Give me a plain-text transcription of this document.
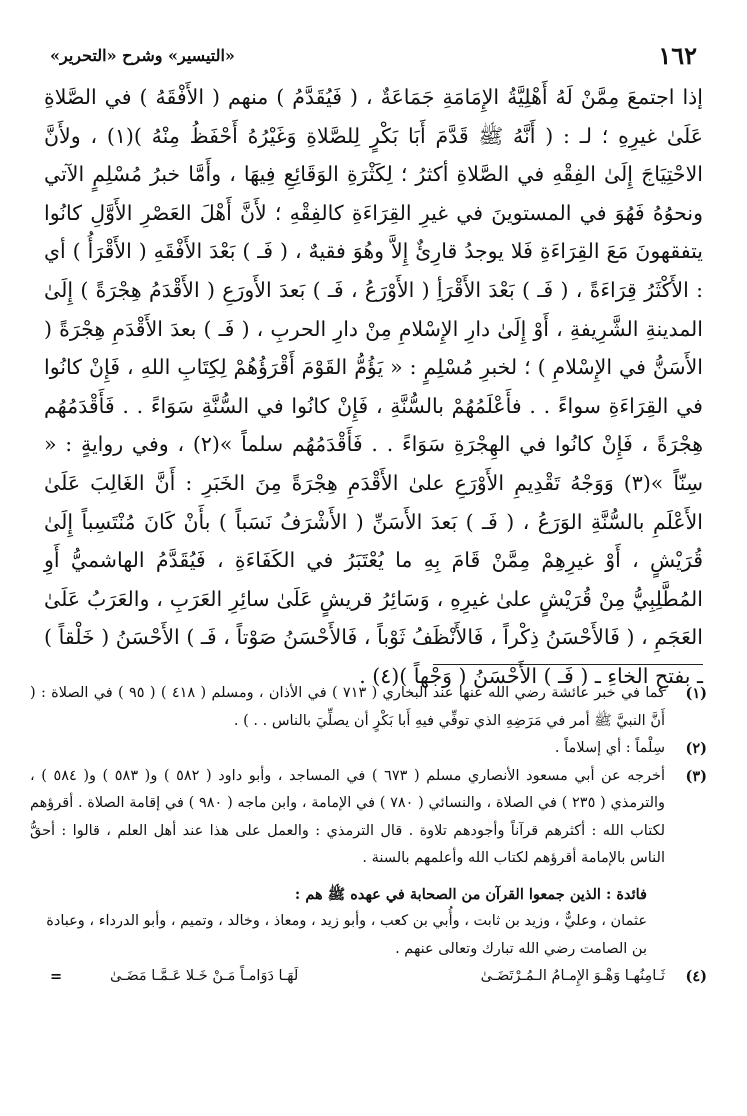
١٦٢
«التيسير» وشرح «التحرير»

إذا اجتمعَ مِمَّنْ لَهُ أَهْلِيَّةُ الإِمَامَةِ جَمَاعَةٌ ، ( فَيُقَدَّمُ ) منهم ( الأَفْقَهُ ) في الصَّلاةِ عَلَىٰ غيرِهِ ؛ لـ : ( أَنَّهُ ﷺ قَدَّمَ أَبَا بَكْرٍ لِلصَّلاةِ وَغَيْرُهُ أَحْفَظُ مِنْهُ )(١) ، ولأَنَّ الاحْتِيَاجَ إِلَىٰ الفِقْهِ في الصَّلاةِ أكثرُ ؛ لِكَثْرَةِ الوَقَائِعِ فِيهَا ، وأَمَّا خبرُ مُسْلِمٍ الآتي ونحوُهُ فَهُوَ في المستوينَ في غيرِ القِرَاءَةِ كالفِقْهِ ؛ لأَنَّ أَهْلَ العَصْرِ الأَوَّلِ كانُوا يتفقهونَ مَعَ القِرَاءَةِ فَلا يوجدُ قارِئٌ إِلاَّ وهُوَ فقيهٌ ، ( فَـ ) بَعْدَ الأَفْقَهِ ( الأَقْرَأُ ) أي : الأَكْثَرُ قِرَاءَةً ، ( فَـ ) بَعْدَ الأَقْرَأِ ( الأَوْرَعُ ، فَـ ) بَعدَ الأَورَعِ ( الأَقْدَمُ هِجْرَةً ) إِلَىٰ المدينةِ الشَّرِيفةِ ، أَوْ إِلَىٰ دارِ الإِسْلامِ مِنْ دارِ الحربِ ، ( فَـ ) بعدَ الأَقْدَمِ هِجْرَةً ( الأَسَنُّ في الإِسْلامِ ) ؛ لخبرِ مُسْلِمٍ : « يَؤُمُّ القَوْمَ أَقْرَؤُهُمْ لِكِتَابِ اللهِ ، فَإِنْ كانُوا في القِرَاءَةِ سواءً . . فأَعْلَمُهُمْ بالسُّنَّةِ ، فَإِنْ كانُوا في السُّنَّةِ سَوَاءً . . فَأَقْدَمُهُم هِجْرَةً ، فَإِنْ كانُوا في الهِجْرَةِ سَوَاءً . . فَأَقْدَمُهُم سلماً »(٢) ، وفي روايةٍ : « سِنّاً »(٣) وَوَجْهُ تَقْدِيمِ الأَوْرَعِ علىٰ الأَقْدَمِ هِجْرَةً مِنَ الخَبَرِ : أَنَّ الغَالِبَ عَلَىٰ الأَعْلَمِ بالسُّنَّةِ الوَرَعُ ، ( فَـ ) بَعدَ الأَسَنِّ ( الأَشْرَفُ نَسَباً ) بأَنْ كَانَ مُنْتَسِباً إِلَىٰ قُرَيْشٍ ، أَوْ غيرِهِمْ مِمَّنْ قَامَ بِهِ ما يُعْتَبَرُ في الكَفَاءَةِ ، فَيُقَدَّمُ الهاشميُّ أَوِ المُطَّلِبِيُّ مِنْ قُرَيْشٍ علىٰ غيرِهِ ، وَسَائِرُ قريشٍ عَلَىٰ سائِرِ العَرَبِ ، والعَرَبُ عَلَىٰ العَجَمِ ، ( فَالأَحْسَنُ ذِكْراً ، فَالأَنْظَفُ ثَوْباً ، فَالأَحْسَنُ صَوْتاً ، فَـ ) الأَحْسَنُ ( خَلْقاً ) ـ بفتحِ الخاءِ ـ ( فَـ ) الأَحْسَنُ ( وَجْهاً )(٤) .

(١)

كما في خبر عائشة رضي الله عنها عند البخاري ( ٧١٣ ) في الأذان ، ومسلم ( ٤١٨ ) ( ٩٥ ) في الصلاة : ( أَنَّ النبيَّ ﷺ أمر في مَرَضِهِ الذي توفِّي فيهِ أَبا بَكْرٍ أن يصلِّيَ بالناس . . ) .

(٢)

سِلْماً : أي إسلاماً .

(٣)

أخرجه عن أبي مسعود الأنصاري مسلم ( ٦٧٣ ) في المساجد ، وأبو داود ( ٥٨٢ ) و( ٥٨٣ ) و( ٥٨٤ ) ، والترمذي ( ٢٣٥ ) في الصلاة ، والنسائي ( ٧٨٠ ) في الإمامة ، وابن ماجه ( ٩٨٠ ) في إقامة الصلاة . أقرؤهم لكتاب الله : أكثرهم قرآناً وأجودهم تلاوة . قال الترمذي : والعمل على هذا عند أهل العلم ، قالوا : أحقُّ الناس بالإمامة أقرؤهم لكتاب الله وأعلمهم بالسنة .

فائدة : الذين جمعوا القرآن من الصحابة في عهده ﷺ هم :

عثمان ، وعليٌّ ، وزيد بن ثابت ، وأُبي بن كعب ، وأبو زيد ، ومعاذ ، وخالد ، وتميم ، وأبو الدرداء ، وعبادة بن الصامت رضي الله تبارك وتعالى عنهم .

(٤)
ثَـامِنُهـا وَهْـوَ الإِمـامُ الـمُـرْتَضَـىٰ
لَهَـا دَوَامـاً مَـنْ خَـلا عَـمَّـا مَضَـىٰ
=
